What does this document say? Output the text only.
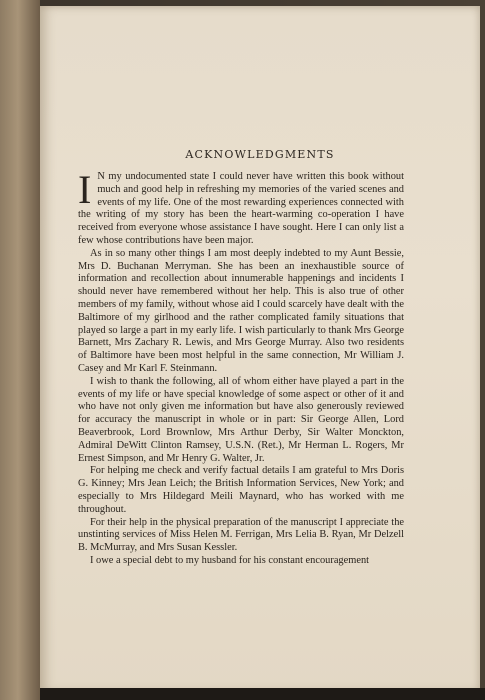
ACKNOWLEDGMENTS

I N my undocumented state I could never have written this book without much and good help in refreshing my memories of the varied scenes and events of my life. One of the most rewarding experiences connected with the writing of my story has been the heart-warming co-operation I have received from everyone whose assistance I have sought. Here I can only list a few whose contributions have been major.

As in so many other things I am most deeply indebted to my Aunt Bessie, Mrs D. Buchanan Merryman. She has been an inexhaustible source of information and recollection about innumerable happenings and incidents I should never have remembered without her help. This is also true of other members of my family, without whose aid I could scarcely have dealt with the Baltimore of my girlhood and the rather complicated family situations that played so large a part in my early life. I wish particularly to thank Mrs George Barnett, Mrs Zachary R. Lewis, and Mrs George Murray. Also two residents of Baltimore have been most helpful in the same connection, Mr William J. Casey and Mr Karl F. Steinmann.

I wish to thank the following, all of whom either have played a part in the events of my life or have special knowledge of some aspect or other of it and who have not only given me information but have also generously reviewed for accuracy the manuscript in whole or in part: Sir George Allen, Lord Beaverbrook, Lord Brownlow, Mrs Arthur Derby, Sir Walter Monckton, Admiral DeWitt Clinton Ramsey, U.S.N. (Ret.), Mr Herman L. Rogers, Mr Ernest Simpson, and Mr Henry G. Walter, Jr.

For helping me check and verify factual details I am grateful to Mrs Doris G. Kinney; Mrs Jean Leich; the British Information Services, New York; and especially to Mrs Hildegard Meili Maynard, who has worked with me throughout.

For their help in the physical preparation of the manuscript I appreciate the unstinting services of Miss Helen M. Ferrigan, Mrs Lelia B. Ryan, Mr Delzell B. McMurray, and Mrs Susan Kessler.

I owe a special debt to my husband for his constant encouragement
